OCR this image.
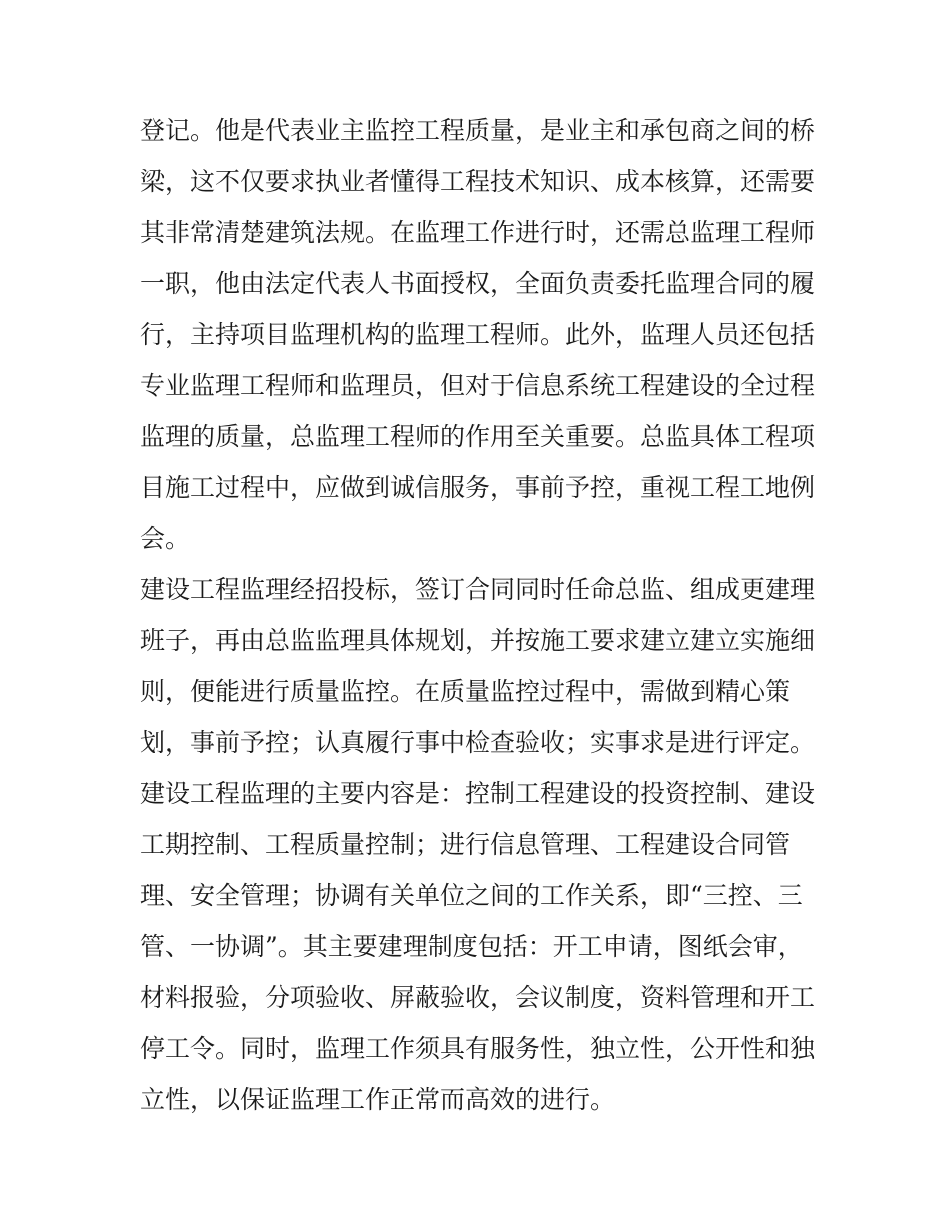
登记。他是代表业主监控工程质量，是业主和承包商之间的桥
梁，这不仅要求执业者懂得工程技术知识、成本核算，还需要
其非常清楚建筑法规。在监理工作进行时，还需总监理工程师
一职，他由法定代表人书面授权，全面负责委托监理合同的履
行，主持项目监理机构的监理工程师。此外，监理人员还包括
专业监理工程师和监理员，但对于信息系统工程建设的全过程
监理的质量，总监理工程师的作用至关重要。总监具体工程项
目施工过程中，应做到诚信服务，事前予控，重视工程工地例
会。
建设工程监理经招投标，签订合同同时任命总监、组成更建理
班子，再由总监监理具体规划，并按施工要求建立建立实施细
则，便能进行质量监控。在质量监控过程中，需做到精心策
划，事前予控；认真履行事中检查验收；实事求是进行评定。
建设工程监理的主要内容是：控制工程建设的投资控制、建设
工期控制、工程质量控制；进行信息管理、工程建设合同管
理、安全管理；协调有关单位之间的工作关系，即“三控、三
管、一协调”。其主要建理制度包括：开工申请，图纸会审，
材料报验，分项验收、屏蔽验收，会议制度，资料管理和开工
停工令。同时，监理工作须具有服务性，独立性，公开性和独
立性，以保证监理工作正常而高效的进行。
